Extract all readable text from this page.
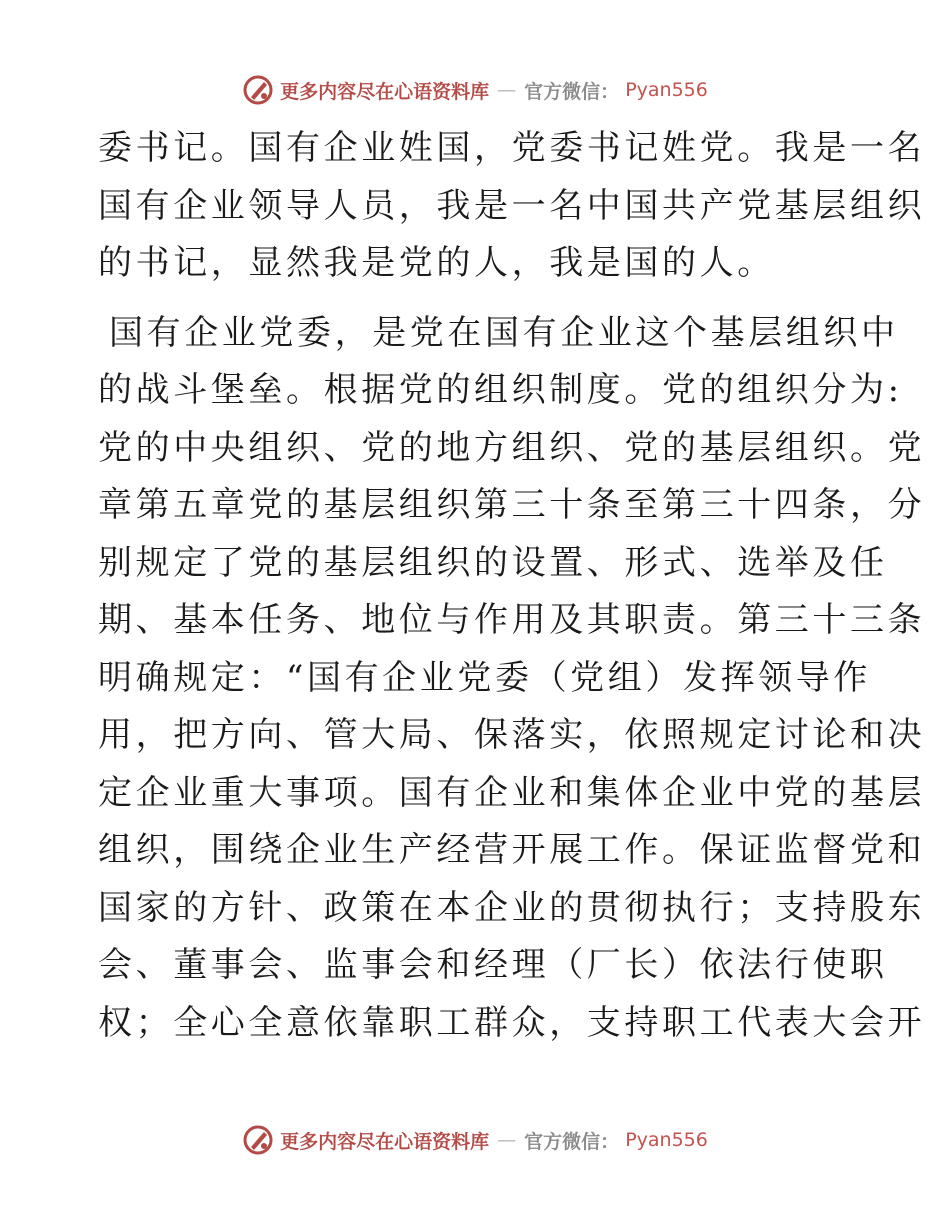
更多内容尽在心语资料库 — 官方微信： Pyan556

委书记。国有企业姓国，党委书记姓党。我是一名

国有企业领导人员，我是一名中国共产党基层组织

的书记，显然我是党的人，我是国的人。

国有企业党委，是党在国有企业这个基层组织中

的战斗堡垒。根据党的组织制度。党的组织分为:

党的中央组织、党的地方组织、党的基层组织。党

章第五章党的基层组织第三十条至第三十四条，分

别规定了党的基层组织的设置、形式、选举及任

期、基本任务、地位与作用及其职责。第三十三条

明确规定：“国有企业党委（党组）发挥领导作

用，把方向、管大局、保落实，依照规定讨论和决

定企业重大事项。国有企业和集体企业中党的基层

组织，围绕企业生产经营开展工作。保证监督党和

国家的方针、政策在本企业的贯彻执行；支持股东

会、董事会、监事会和经理（厂长）依法行使职

权；全心全意依靠职工群众，支持职工代表大会开

更多内容尽在心语资料库 — 官方微信： Pyan556
